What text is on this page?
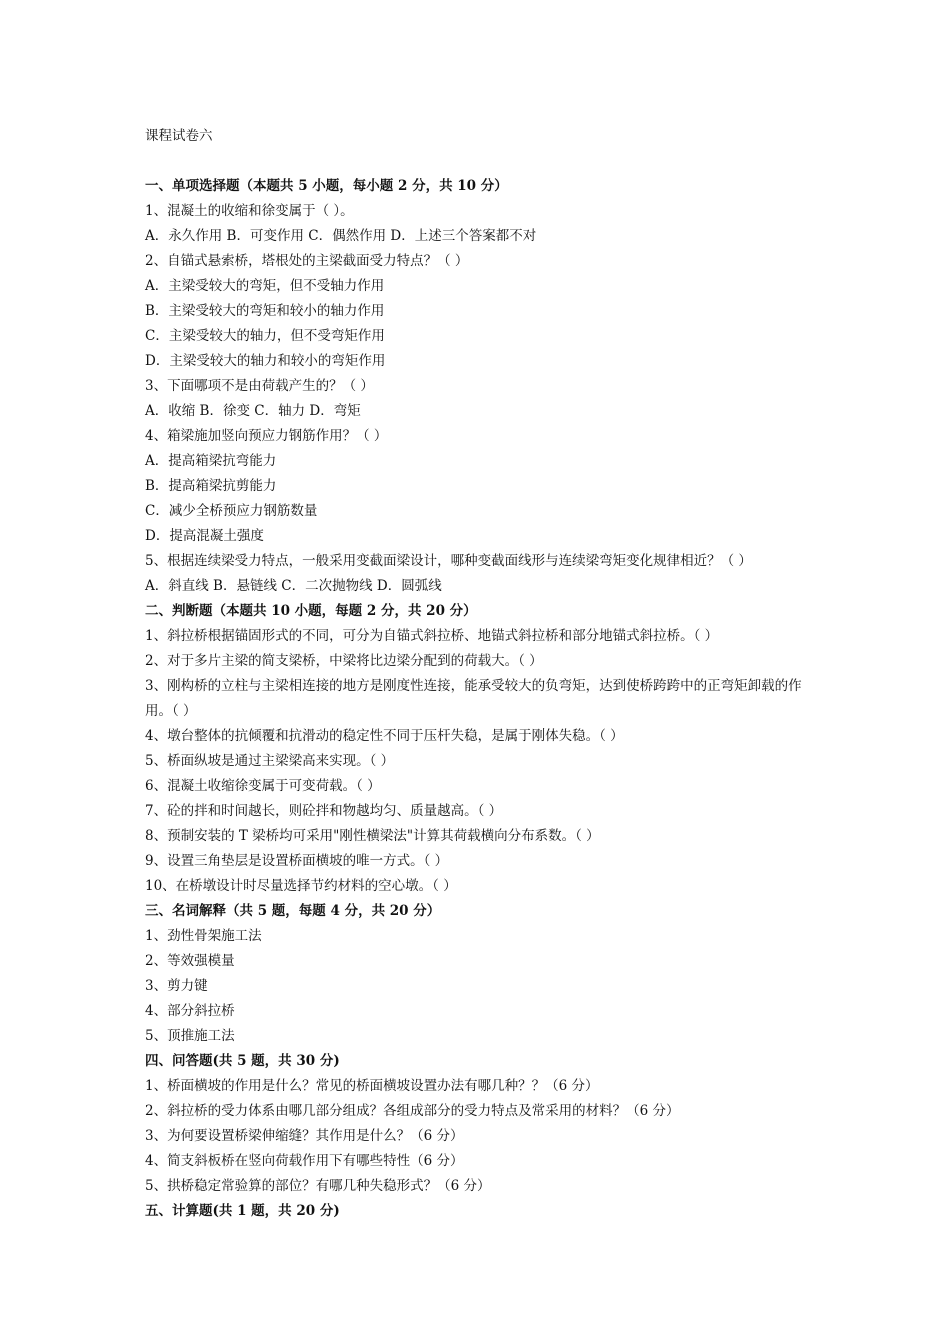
课程试卷六
一、单项选择题（本题共 5 小题，每小题 2 分，共 10 分）
1、混凝土的收缩和徐变属于（ ）。
A．永久作用 B．可变作用 C．偶然作用 D．上述三个答案都不对
2、自锚式悬索桥，塔根处的主梁截面受力特点？（ ）
A．主梁受较大的弯矩，但不受轴力作用
B．主梁受较大的弯矩和较小的轴力作用
C．主梁受较大的轴力，但不受弯矩作用
D．主梁受较大的轴力和较小的弯矩作用
3、下面哪项不是由荷载产生的？（ ）
A．收缩 B．徐变 C．轴力 D．弯矩
4、箱梁施加竖向预应力钢筋作用？（ ）
A．提高箱梁抗弯能力
B．提高箱梁抗剪能力
C．减少全桥预应力钢筋数量
D．提高混凝土强度
5、根据连续梁受力特点，一般采用变截面梁设计，哪种变截面线形与连续梁弯矩变化规律相近？（ ）
A．斜直线 B．悬链线 C．二次抛物线 D．圆弧线
二、判断题（本题共 10 小题，每题 2 分，共 20 分）
1、斜拉桥根据锚固形式的不同，可分为自锚式斜拉桥、地锚式斜拉桥和部分地锚式斜拉桥。（ ）
2、对于多片主梁的简支梁桥，中梁将比边梁分配到的荷载大。（ ）
3、刚构桥的立柱与主梁相连接的地方是刚度性连接，能承受较大的负弯矩，达到使桥跨跨中的正弯矩卸载的作用。（ ）
4、墩台整体的抗倾覆和抗滑动的稳定性不同于压杆失稳，是属于刚体失稳。（ ）
5、桥面纵坡是通过主梁梁高来实现。（ ）
6、混凝土收缩徐变属于可变荷载。（ ）
7、砼的拌和时间越长，则砼拌和物越均匀、质量越高。（ ）
8、预制安装的 T 梁桥均可采用"刚性横梁法"计算其荷载横向分布系数。（ ）
9、设置三角垫层是设置桥面横坡的唯一方式。（ ）
10、在桥墩设计时尽量选择节约材料的空心墩。（ ）
三、名词解释（共 5 题，每题 4 分，共 20 分）
1、劲性骨架施工法
2、等效强模量
3、剪力键
4、部分斜拉桥
5、顶推施工法
四、问答题(共 5 题，共 30 分)
1、桥面横坡的作用是什么？常见的桥面横坡设置办法有哪几种？？（6 分）
2、斜拉桥的受力体系由哪几部分组成？各组成部分的受力特点及常采用的材料？（6 分）
3、为何要设置桥梁伸缩缝？其作用是什么？（6 分）
4、简支斜板桥在竖向荷载作用下有哪些特性（6 分）
5、拱桥稳定常验算的部位？有哪几种失稳形式？（6 分）
五、计算题(共 1 题，共 20 分)
